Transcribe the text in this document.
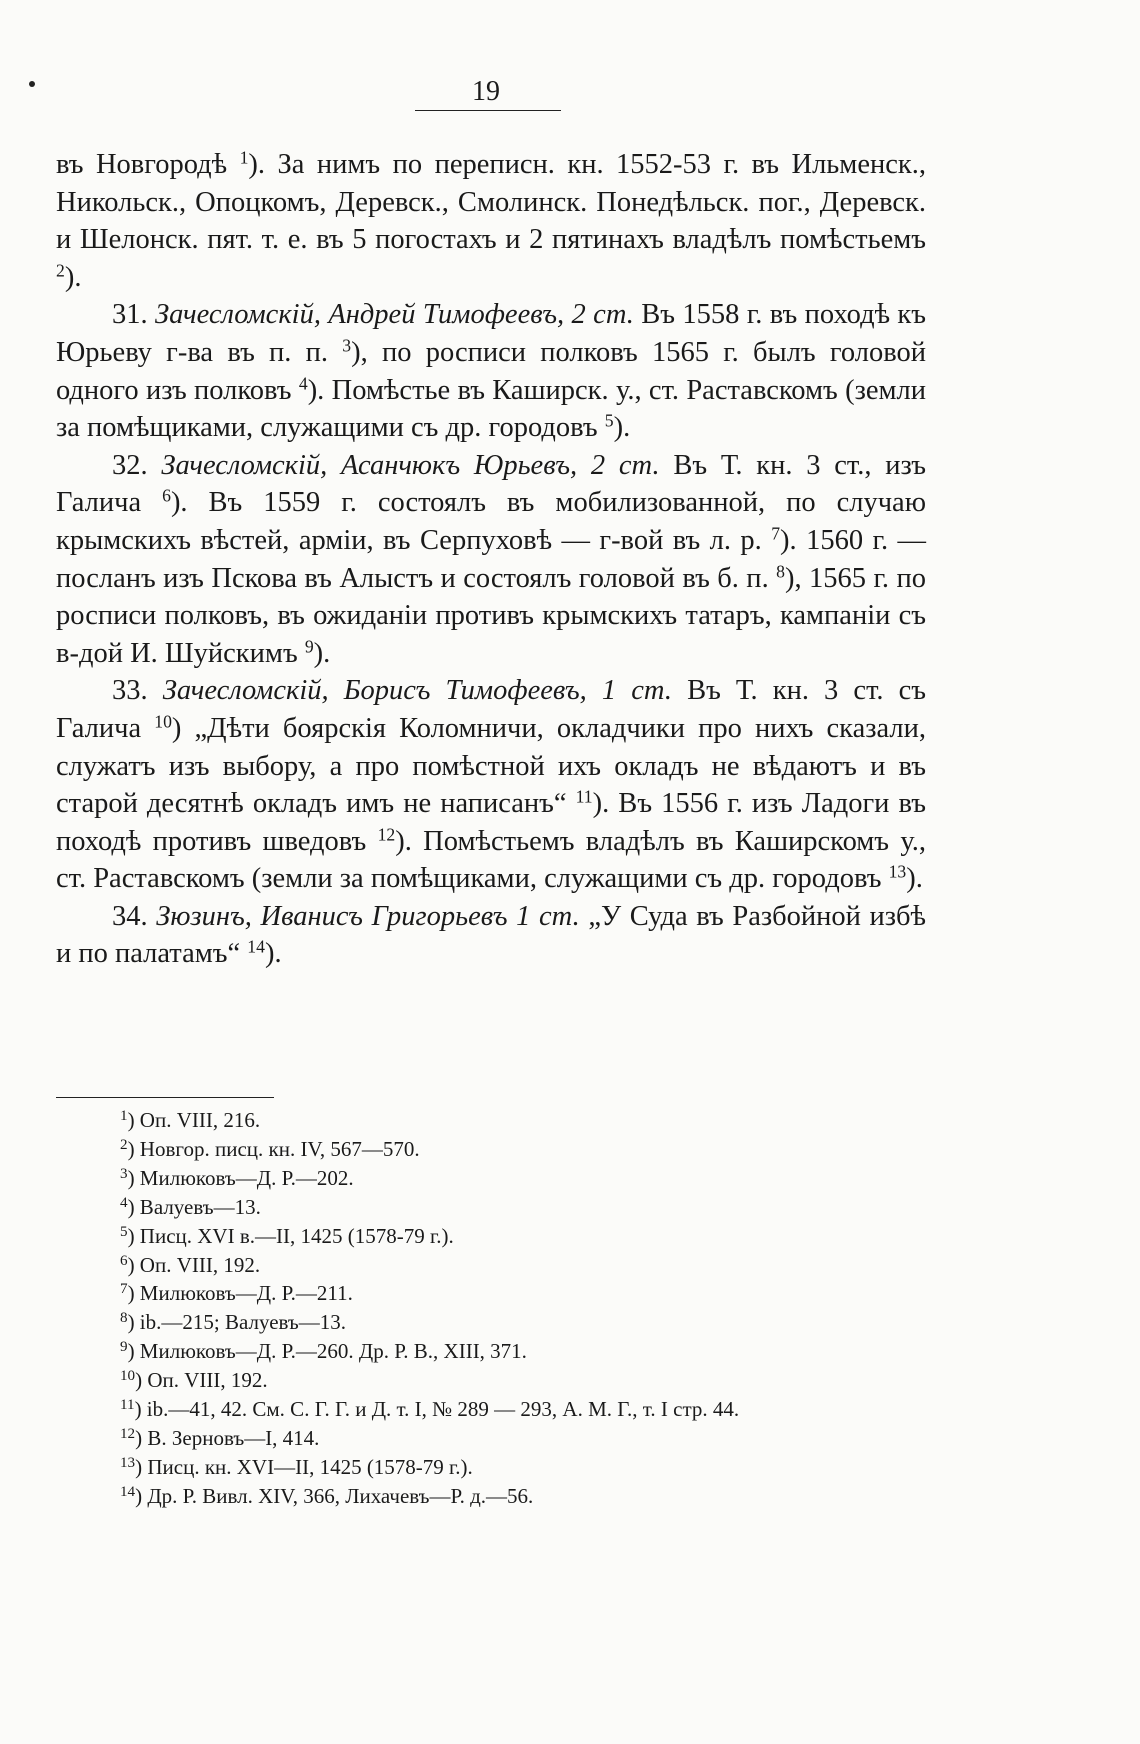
19

въ Новгородѣ $^1$). За нимъ по переписн. кн. 1552-53 г. въ Ильменск., Никольск., Опоцкомъ, Деревск., Смолинск. Понедѣльск. пог., Деревск. и Шелонск. пят. т. е. въ 5 погостахъ и 2 пятинахъ владѣлъ помѣстьемъ $^2$).

31. Зачесломскій, Андрей Тимофеевъ, 2 ст. Въ 1558 г. въ походѣ къ Юрьеву г-ва въ п. п. $^3$), по росписи полковъ 1565 г. былъ головой одного изъ полковъ $^4$). Помѣстье въ Каширск. у., ст. Раставскомъ (земли за помѣщиками, служащими съ др. городовъ $^5$).

32. Зачесломскій, Асанчюкъ Юрьевъ, 2 ст. Въ Т. кн. 3 ст., изъ Галича $^6$). Въ 1559 г. состоялъ въ мобилизованной, по случаю крымскихъ вѣстей, арміи, въ Серпуховѣ — г-вой въ л. р. $^7$). 1560 г. — посланъ изъ Пскова въ Алыстъ и состоялъ головой въ б. п. $^8$), 1565 г. по росписи полковъ, въ ожиданіи противъ крымскихъ татаръ, кампаніи съ в-дой И. Шуйскимъ $^9$).

33. Зачесломскій, Борисъ Тимофеевъ, 1 ст. Въ Т. кн. 3 ст. съ Галича $^{10}$) „Дѣти боярскія Коломничи, окладчики про нихъ сказали, служатъ изъ выбору, а про помѣстной ихъ окладъ не вѣдаютъ и въ старой десятнѣ окладъ имъ не написанъ“ $^{11}$). Въ 1556 г. изъ Ладоги въ походѣ противъ шведовъ $^{12}$). Помѣстьемъ владѣлъ въ Каширскомъ у., ст. Раставскомъ (земли за помѣщиками, служащими съ др. городовъ $^{13}$).

34. Зюзинъ, Иванисъ Григорьевъ 1 ст. „У Суда въ Разбойной избѣ и по палатамъ“ $^{14}$).

$^1$) Оп. VIII, 216.

$^2$) Новгор. писц. кн. IV, 567—570.

$^3$) Милюковъ—Д. Р.—202.

$^4$) Валуевъ—13.

$^5$) Писц. XVI в.—II, 1425 (1578-79 г.).

$^6$) Оп. VIII, 192.

$^7$) Милюковъ—Д. Р.—211.

$^8$) ib.—215; Валуевъ—13.

$^9$) Милюковъ—Д. Р.—260. Др. Р. В., XIII, 371.

$^{10}$) Оп. VIII, 192.

$^{11}$) ib.—41, 42. См. С. Г. Г. и Д. т. I, № 289 — 293, А. М. Г., т. I стр. 44.

$^{12}$) В. Зерновъ—I, 414.

$^{13}$) Писц. кн. XVI—II, 1425 (1578-79 г.).

$^{14}$) Др. Р. Вивл. XIV, 366, Лихачевъ—Р. д.—56.
